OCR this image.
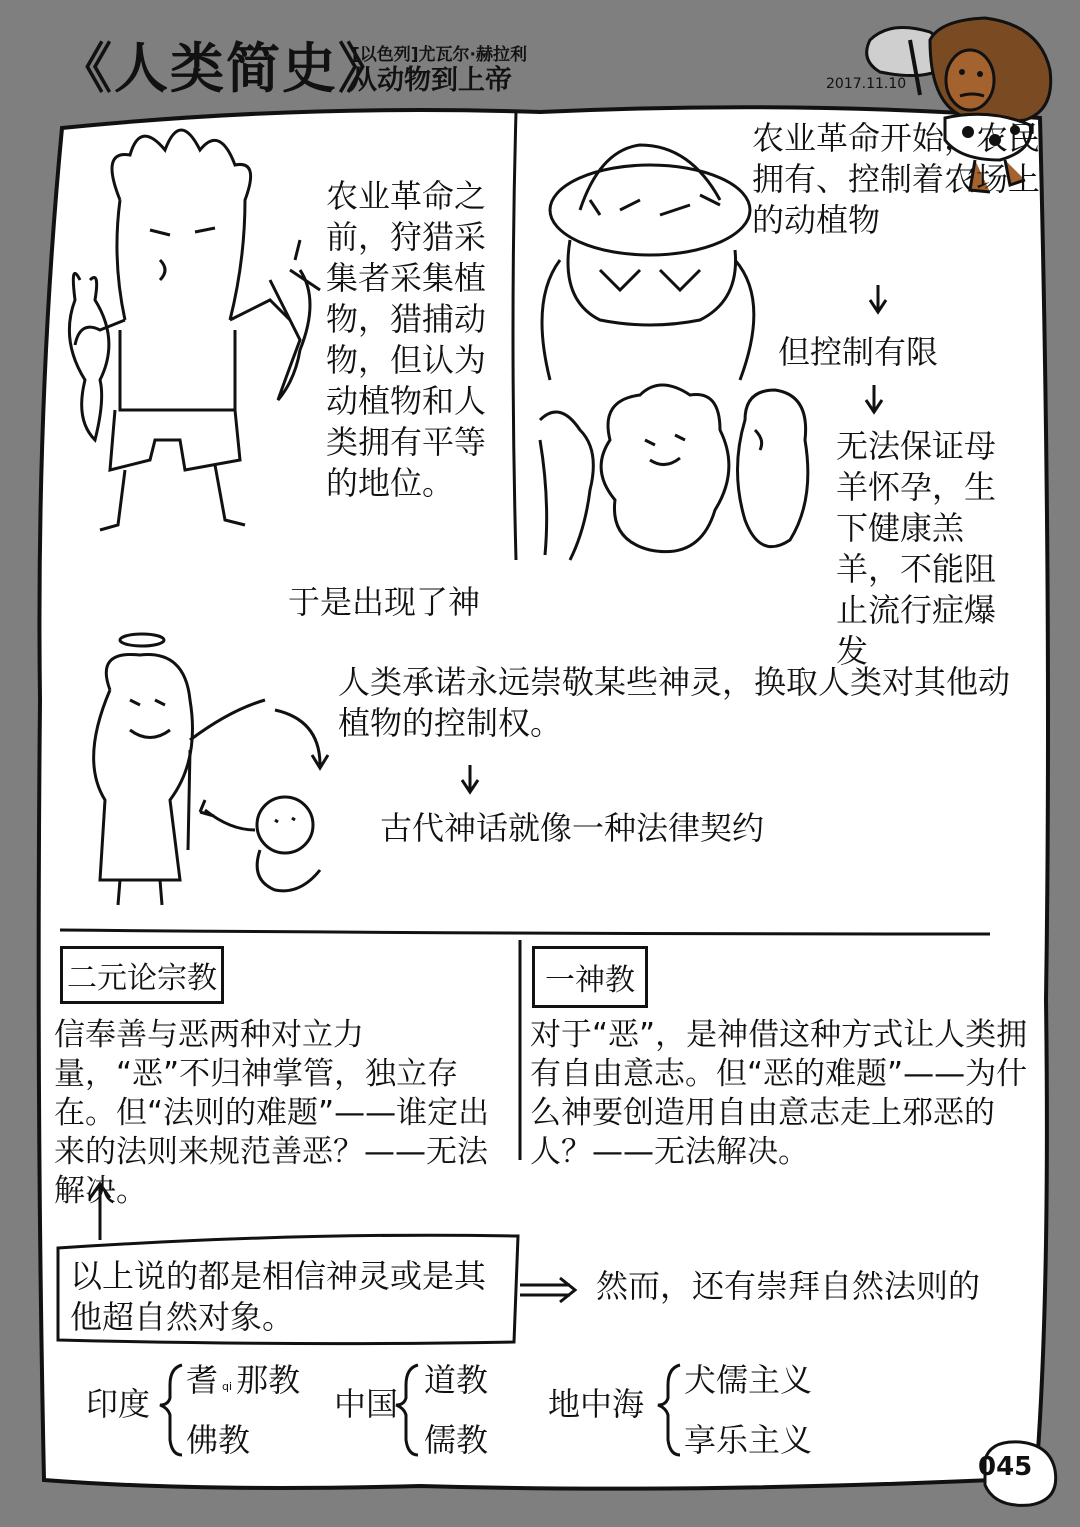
《人类简史》
[以色列]尤瓦尔·赫拉利
从动物到上帝	2017.11.10
农业革命之前，狩猎采集者采集植物，猎捕动物，但认为动植物和人类拥有平等的地位。
农业革命开始，农民拥有、控制着农场上的动植物
但控制有限
无法保证母羊怀孕，生下健康羔羊，不能阻止流行症爆发
于是出现了神
人类承诺永远崇敬某些神灵，换取人类对其他动植物的控制权。
古代神话就像一种法律契约
二元论宗教
信奉善与恶两种对立力量，“恶”不归神掌管，独立存在。但“法则的难题”——谁定出来的法则来规范善恶？——无法解决。
一神教
对于“恶”，是神借这种方式让人类拥有自由意志。但“恶的难题”——为什么神要创造用自由意志走上邪恶的人？——无法解决。
以上说的都是相信神灵或是其他超自然对象。
然而，还有崇拜自然法则的
印度
耆 $^{qi}$ 那教
佛教
中国
道教
儒教
地中海
犬儒主义
享乐主义
045
